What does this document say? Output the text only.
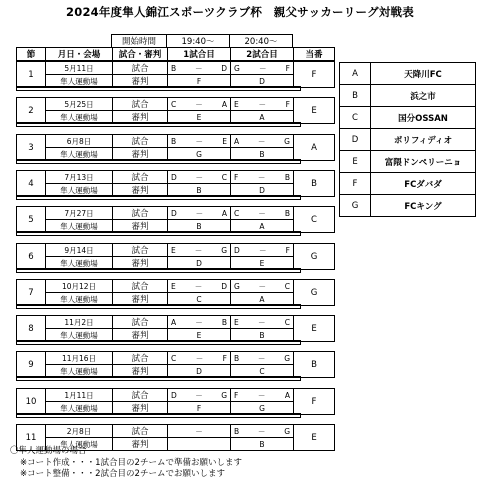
2024年度隼人錦江スポーツクラブ杯　親父サッカーリーグ対戦表
開始時間	19:40〜	20:40〜
節	月日・会場	試合・審判	1試合目	2試合目	当番
1	5月11日	試合	B － D	G － F	F
	隼人運動場	審判	F	D	
2	5月25日	試合	C － A	E － F	E
	隼人運動場	審判	E	A	
3	6月8日	試合	B － E	A － G	A
	隼人運動場	審判	G	B	
4	7月13日	試合	D － C	F － B	B
	隼人運動場	審判	B	D	
5	7月27日	試合	D － A	C － B	C
	隼人運動場	審判	B	A	
6	9月14日	試合	E － G	D － F	G
	隼人運動場	審判	D	E	
7	10月12日	試合	E － D	G － C	G
	隼人運動場	審判	C	A	
8	11月2日	試合	A － B	E － C	E
	隼人運動場	審判	E	B	
9	11月16日	試合	C － F	B － G	B
	隼人運動場	審判	D	C	
10	1月11日	試合	D － G	F － A	F
	隼人運動場	審判	F	G	
11	2月8日	試合	－	B － G	E
	隼人運動場	審判		B	
A	天降川FC
B	浜之市
C	国分OSSAN
D	ポリフィディオ
E	富隈ドンペリーニョ
F	FCダバダ
G	FCキング
〇隼人運動場の場合
※コート作成・・・1試合目の2チームで準備お願いします
※コート整備・・・2試合目の2チームでお願いします
